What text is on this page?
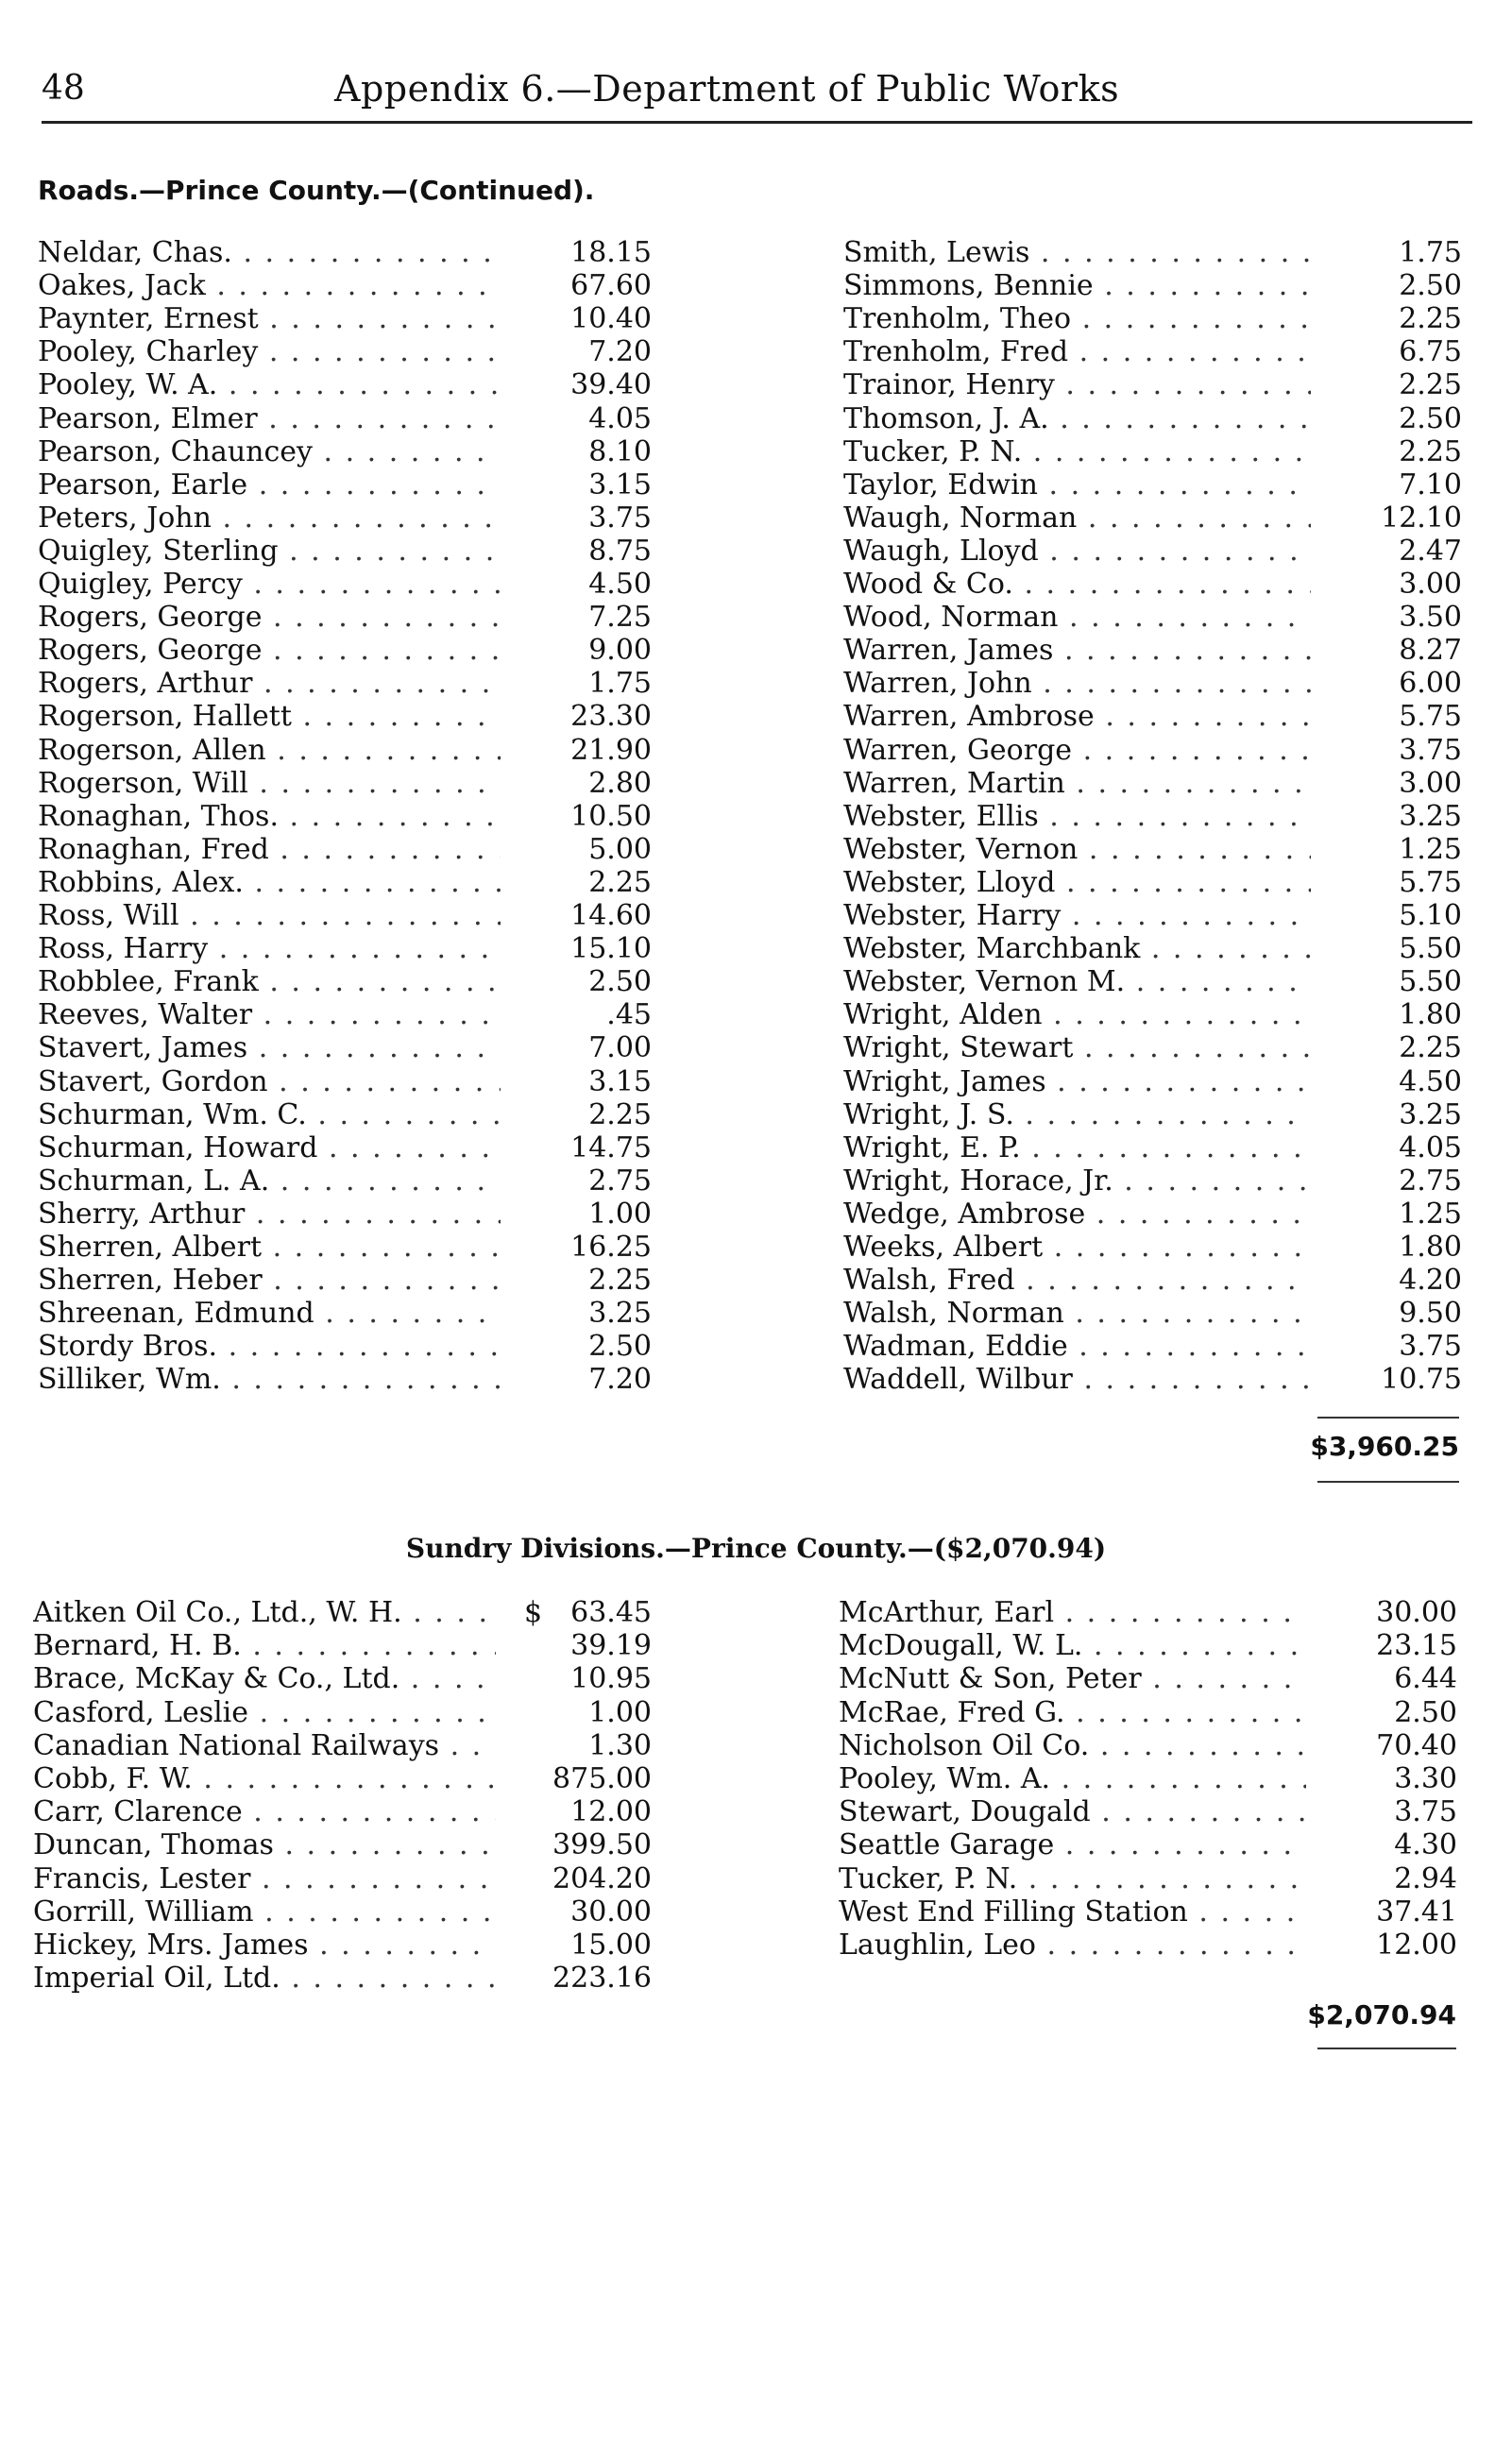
48	Appendix 6.—Department of Public Works
Roads.—Prince County.—(Continued).
Neldar, Chas. . . .	18.15
Oakes, Jack . . .	67.60
Paynter, Ernest . . .	10.40
Pooley, Charley . . .	7.20
Pooley, W. A. . . .	39.40
Pearson, Elmer . . .	4.05
Pearson, Chauncey . . .	8.10
Pearson, Earle . . .	3.15
Peters, John . . .	3.75
Quigley, Sterling . . .	8.75
Quigley, Percy . . .	4.50
Rogers, George . . .	7.25
Rogers, George . . .	9.00
Rogers, Arthur . . .	1.75
Rogerson, Hallett . . .	23.30
Rogerson, Allen . . .	21.90
Rogerson, Will . . .	2.80
Ronaghan, Thos. . . .	10.50
Ronaghan, Fred . . .	5.00
Robbins, Alex. . . .	2.25
Ross, Will . . .	14.60
Ross, Harry . . .	15.10
Robblee, Frank . . .	2.50
Reeves, Walter . . .	.45
Stavert, James . . .	7.00
Stavert, Gordon . . .	3.15
Schurman, Wm. C. . . .	2.25
Schurman, Howard . . .	14.75
Schurman, L. A. . . .	2.75
Sherry, Arthur . . .	1.00
Sherren, Albert . . .	16.25
Sherren, Heber . . .	2.25
Shreenan, Edmund . . .	3.25
Stordy Bros. . . .	2.50
Silliker, Wm. . . .	7.20
Smith, Lewis . . .	1.75
Simmons, Bennie . . .	2.50
Trenholm, Theo . . .	2.25
Trenholm, Fred . . .	6.75
Trainor, Henry . . .	2.25
Thomson, J. A. . . .	2.50
Tucker, P. N. . . .	2.25
Taylor, Edwin . . .	7.10
Waugh, Norman . . .	12.10
Waugh, Lloyd . . .	2.47
Wood & Co. . . .	3.00
Wood, Norman . . .	3.50
Warren, James . . .	8.27
Warren, John . . .	6.00
Warren, Ambrose . . .	5.75
Warren, George . . .	3.75
Warren, Martin . . .	3.00
Webster, Ellis . . .	3.25
Webster, Vernon . . .	1.25
Webster, Lloyd . . .	5.75
Webster, Harry . . .	5.10
Webster, Marchbank . . .	5.50
Webster, Vernon M. . . .	5.50
Wright, Alden . . .	1.80
Wright, Stewart . . .	2.25
Wright, James . . .	4.50
Wright, J. S. . . .	3.25
Wright, E. P. . . .	4.05
Wright, Horace, Jr. . . .	2.75
Wedge, Ambrose . . .	1.25
Weeks, Albert . . .	1.80
Walsh, Fred . . .	4.20
Walsh, Norman . . .	9.50
Wadman, Eddie . . .	3.75
Waddell, Wilbur . . .	10.75
$3,960.25
Sundry Divisions.—Prince County.—($2,070.94)
Aitken Oil Co., Ltd., W. H. . . .	$	63.45
Bernard, H. B. . . .	39.19
Brace, McKay & Co., Ltd. . . .	10.95
Casford, Leslie . . .	1.00
Canadian National Railways . . .	1.30
Cobb, F. W. . . .	875.00
Carr, Clarence . . .	12.00
Duncan, Thomas . . .	399.50
Francis, Lester . . .	204.20
Gorrill, William . . .	30.00
Hickey, Mrs. James . . .	15.00
Imperial Oil, Ltd. . . .	223.16
McArthur, Earl . . .	30.00
McDougall, W. L. . . .	23.15
McNutt & Son, Peter . . .	6.44
McRae, Fred G. . . .	2.50
Nicholson Oil Co. . . .	70.40
Pooley, Wm. A. . . .	3.30
Stewart, Dougald . . .	3.75
Seattle Garage . . .	4.30
Tucker, P. N. . . .	2.94
West End Filling Station . . .	37.41
Laughlin, Leo . . .	12.00
$2,070.94
